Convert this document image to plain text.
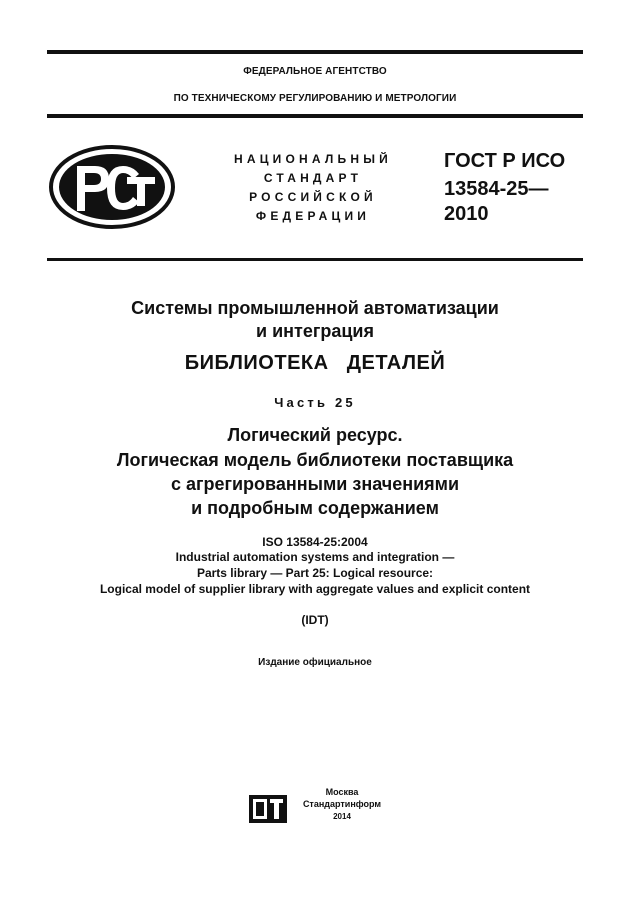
ФЕДЕРАЛЬНОЕ АГЕНТСТВО
ПО ТЕХНИЧЕСКОМУ РЕГУЛИРОВАНИЮ И МЕТРОЛОГИИ
НАЦИОНАЛЬНЫЙ
СТАНДАРТ
РОССИЙСКОЙ
ФЕДЕРАЦИИ
ГОСТ Р ИСО
13584-25—
2010
Системы промышленной автоматизации
и интеграция
БИБЛИОТЕКА   ДЕТАЛЕЙ
Часть 25
Логический ресурс.
Логическая модель библиотеки поставщика
с агрегированными значениями
и подробным содержанием
ISO 13584-25:2004
Industrial automation systems and integration —
Parts library — Part 25: Logical resource:
Logical model of supplier library with aggregate values and explicit content
(IDT)
Издание официальное
Москва
Стандартинформ
2014
